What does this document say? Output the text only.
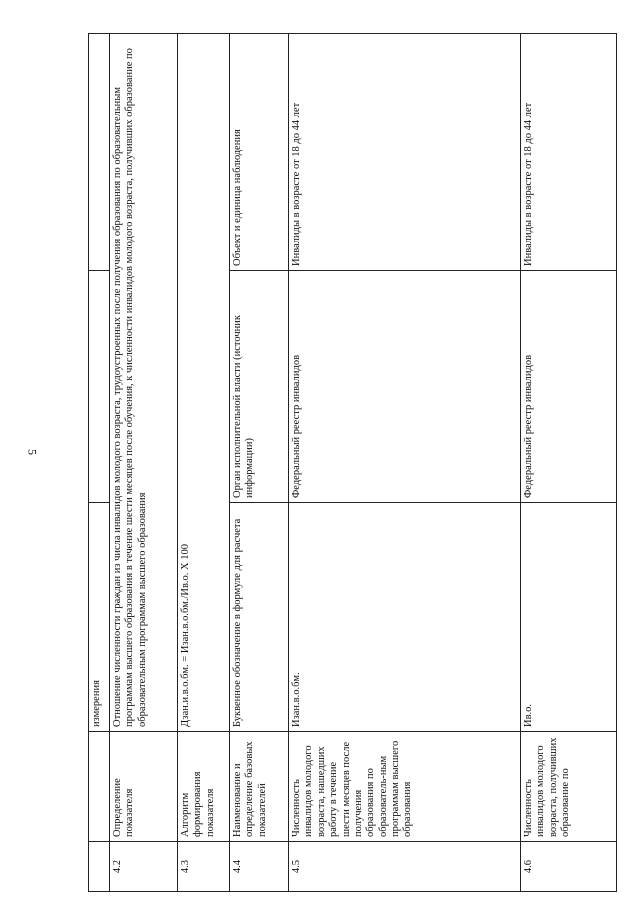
5
		измерения		
4.2	Определение показателя	Отношение численности граждан из числа инвалидов молодого возраста, трудоустроенных после получения образования по образовательным программам высшего образования в течение шести месяцев после обучения, к численности инвалидов молодого возраста, получивших образование по образовательным программам высшего образования		
4.3	Алгоритм формирования показателя	Дзан.и.в.о.бм. = Изан.в.о.бм./Ив.о. Х 100		
4.4	Наименование и определение базовых показателей	Буквенное обозначение в формуле для расчета	Орган исполнительной власти (источник информации)	Объект и единица наблюдения
4.5	Численность инвалидов молодого возраста, нашедших работу в течение шести месяцев после получения образования по образователь-ным программам высшего образования	Изан.в.о.бм.	Федеральный реестр инвалидов	Инвалиды в возрасте от 18 до 44 лет
4.6	Численность инвалидов молодого возраста, получивших образование по	Ив.о.	Федеральный реестр инвалидов	Инвалиды в возрасте от 18 до 44 лет
